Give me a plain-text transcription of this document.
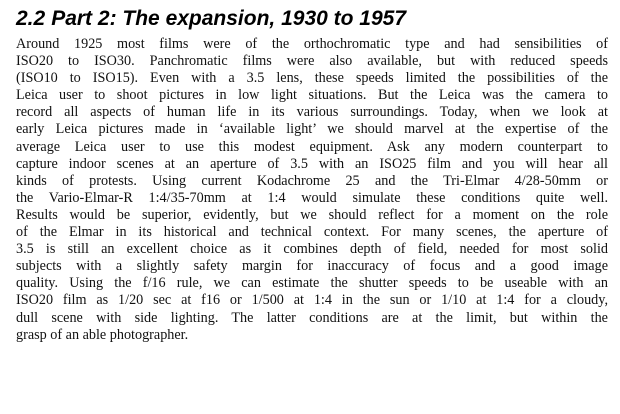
2.2 Part 2: The expansion, 1930 to 1957
Around 1925 most films were of the orthochromatic type and had sensibilities of
ISO20 to ISO30. Panchromatic films were also available, but with reduced speeds
(ISO10 to ISO15). Even with a 3.5 lens, these speeds limited the possibilities of the
Leica user to shoot pictures in low light situations. But the Leica was the camera to
record all aspects of human life in its various surroundings. Today, when we look at
early Leica pictures made in ‘available light’ we should marvel at the expertise of the
average Leica user to use this modest equipment. Ask any modern counterpart to
capture indoor scenes at an aperture of 3.5 with an ISO25 film and you will hear all
kinds of protests. Using current Kodachrome 25 and the Tri-Elmar 4/28-50mm or
the Vario-Elmar-R 1:4/35-70mm at 1:4 would simulate these conditions quite well.
Results would be superior, evidently, but we should reflect for a moment on the role
of the Elmar in its historical and technical context. For many scenes, the aperture of
3.5 is still an excellent choice as it combines depth of field, needed for most solid
subjects with a slightly safety margin for inaccuracy of focus and a good image
quality. Using the f/16 rule, we can estimate the shutter speeds to be useable with an
ISO20 film as 1/20 sec at f16 or 1/500 at 1:4 in the sun or 1/10 at 1:4 for a cloudy,
dull scene with side lighting. The latter conditions are at the limit, but within the
grasp of an able photographer.
